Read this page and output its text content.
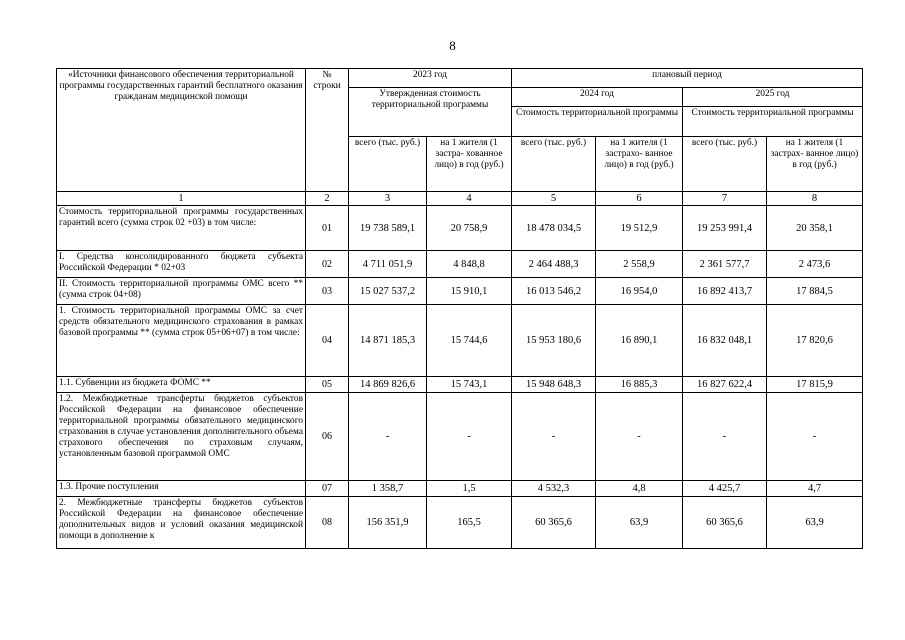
8
«Источники финансового обеспечения территориальной программы государственных гарантий бесплатного оказания гражданам медицинской помощи	№ строки	2023 год		плановый период			
		Утвержденная стоимость территориальной программы		2024 год		2025 год	
				Стоимость территориальной программы		Стоимость территориальной программы	
		всего (тыс. руб.)	на 1 жителя (1 застра- хованное лицо) в год (руб.)	всего (тыс. руб.)	на 1 жителя (1 застрахо- ванное лицо) в год (руб.)	всего (тыс. руб.)	на 1 жителя (1 застрах- ванное лицо) в год (руб.)
1	2	3	4	5	6	7	8
Стоимость территориальной программы государственных гарантий всего (сумма строк 02 +03) в том числе:	01	19 738 589,1	20 758,9	18 478 034,5	19 512,9	19 253 991,4	20 358,1
I. Средства консолидированного бюджета субъекта Российской Федерации * 02+03	02	4 711 051,9	4 848,8	2 464 488,3	2 558,9	2 361 577,7	2 473,6
II. Стоимость территориальной программы ОМС всего ** (сумма строк 04+08)	03	15 027 537,2	15 910,1	16 013 546,2	16 954,0	16 892 413,7	17 884,5
1. Стоимость территориальной программы ОМС за счет средств обязательного медицинского страхования в рамках базовой программы ** (сумма строк 05+06+07) в том числе:	04	14 871 185,3	15 744,6	15 953 180,6	16 890,1	16 832 048,1	17 820,6
1.1. Субвенции из бюджета ФОМС **	05	14 869 826,6	15 743,1	15 948 648,3	16 885,3	16 827 622,4	17 815,9
1.2. Межбюджетные трансферты бюджетов субъектов Российской Федерации на финансовое обеспечение территориальной программы обязательного медицинского страхования в случае установления дополнительного объема страхового обеспечения по страховым случаям, установленным базовой программой ОМС	06	-	-	-	-	-	-
1.3. Прочие поступления	07	1 358,7	1,5	4 532,3	4,8	4 425,7	4,7
2. Межбюджетные трансферты бюджетов субъектов Российской Федерации на финансовое обеспечение дополнительных видов и условий оказания медицинской помощи в дополнение к	08	156 351,9	165,5	60 365,6	63,9	60 365,6	63,9
